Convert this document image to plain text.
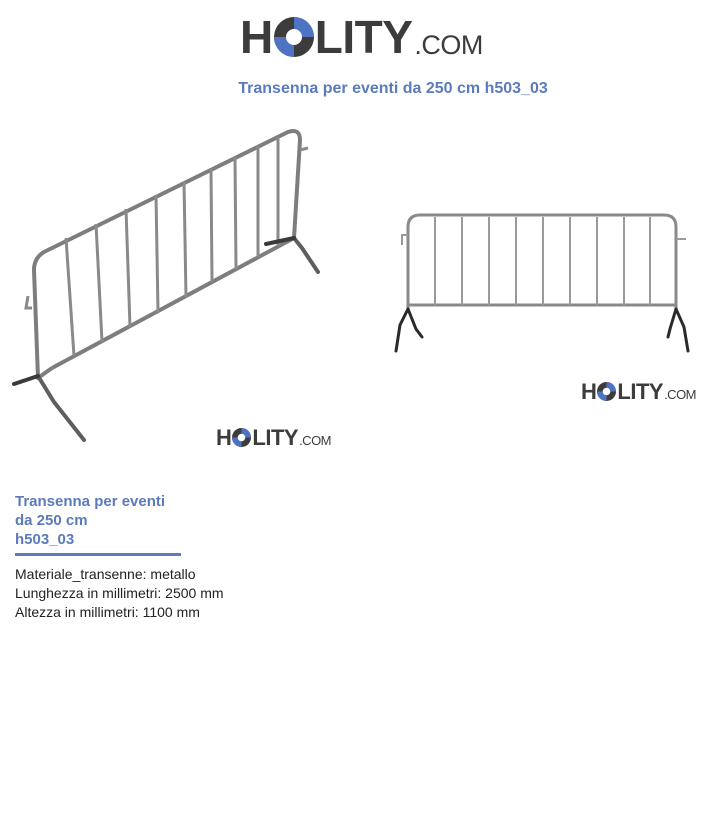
H LITY .COM
Transenna per eventi da 250 cm h503_03
H LITY .COM
H LITY .COM
Transenna per eventi
da 250 cm
h503_03
Materiale_transenne: metallo
Lunghezza in millimetri: 2500 mm
Altezza in millimetri: 1100 mm
